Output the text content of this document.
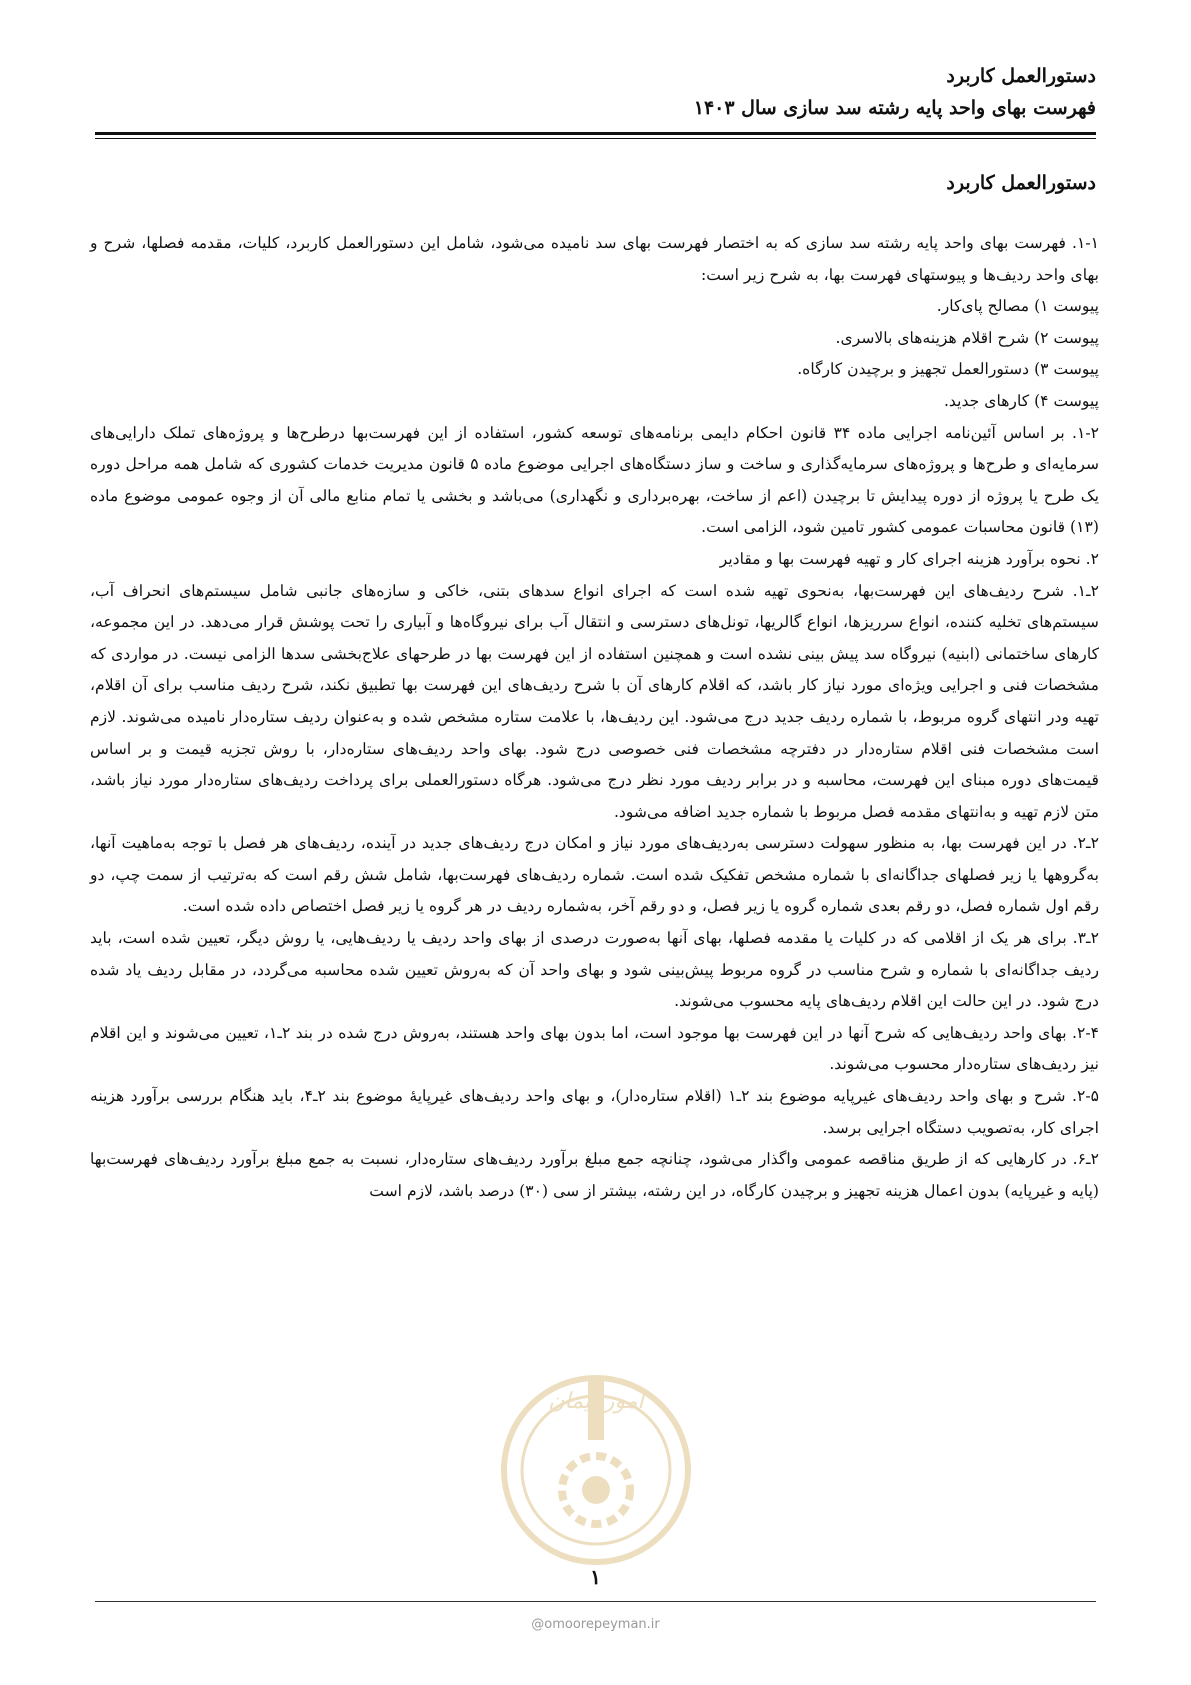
دستورالعمل کاربرد
فهرست بهای واحد پایه رشته سد سازی سال ۱۴۰۳
دستورالعمل کاربرد

۱-۱. فهرست بهای واحد پایه رشته سد سازی که به اختصار فهرست بهای سد نامیده می‌شود، شامل این دستورالعمل کاربرد، کلیات، مقدمه فصلها، شرح و بهای واحد ردیف‌ها و پیوستهای فهرست بها، به شرح زیر است:

پیوست ۱) مصالح پای‌کار.

پیوست ۲) شرح اقلام هزینه‌های بالاسری.

پیوست ۳) دستورالعمل تجهیز و برچیدن کارگاه.

پیوست ۴) کارهای جدید.

۱-۲. بر اساس آئین‌نامه اجرایی ماده ۳۴ قانون احکام دایمی برنامه‌های توسعه کشور، استفاده از این فهرست‌بها درطرح‌ها و پروژه‌های تملک دارایی‌های سرمایه‌ای و طرح‌ها و پروژه‌های سرمایه‌گذاری و ساخت و ساز دستگاه‌های اجرایی موضوع ماده ۵ قانون مدیریت خدمات کشوری که شامل همه مراحل دوره یک طرح یا پروژه از دوره پیدایش تا برچیدن (اعم از ساخت، بهره‌برداری و نگهداری) می‌باشد و بخشی یا تمام منابع مالی آن از وجوه عمومی موضوع ماده (۱۳) قانون محاسبات عمومی کشور تامین شود، الزامی است.

۲. نحوه برآورد هزینه اجرای کار و تهیه فهرست بها و مقادیر

۲ـ۱. شرح ردیف‌های این فهرست‌بها، به‌نحوی تهیه شده است که اجرای انواع سدهای بتنی، خاکی و سازه‌های جانبی شامل سیستم‌های انحراف آب، سیستم‌های تخلیه کننده، انواع سرریزها، انواع گالریها، تونل‌های دسترسی و انتقال آب برای نیروگاه‌ها و آبیاری را تحت پوشش قرار می‌دهد. در این مجموعه، کارهای ساختمانی (ابنیه) نیروگاه سد پیش بینی نشده است و همچنین استفاده از این فهرست بها در طرحهای علاج‌بخشی سدها الزامی نیست. در مواردی که مشخصات فنی و اجرایی ویژه‌ای مورد نیاز کار باشد، که اقلام کارهای آن با شرح ردیف‌های این فهرست بها تطبیق نکند، شرح ردیف مناسب برای آن اقلام، تهیه ودر انتهای گروه مربوط، با شماره ردیف جدید درج می‌شود. این ردیف‌ها، با علامت ستاره مشخص شده و به‌عنوان ردیف ستاره‌دار نامیده می‌شوند. لازم است مشخصات فنی اقلام ستاره‌دار در دفترچه مشخصات فنی خصوصی درج شود. بهای واحد ردیف‌های ستاره‌دار، با روش تجزیه قیمت و بر اساس قیمت‌های دوره مبنای این فهرست، محاسبه و در برابر ردیف مورد نظر درج می‌شود. هرگاه دستورالعملی برای پرداخت ردیف‌های ستاره‌دار مورد نیاز باشد، متن لازم تهیه و به‌انتهای مقدمه فصل مربوط با شماره جدید اضافه می‌شود.

۲ـ۲. در این فهرست بها، به منظور سهولت دسترسی به‌ردیف‌های مورد نیاز و امکان درج ردیف‌های جدید در آینده، ردیف‌های هر فصل با توجه به‌ماهیت آنها، به‌گروهها یا زیر فصلهای جداگانه‌ای با شماره مشخص تفکیک شده است. شماره ردیف‌های فهرست‌بها، شامل شش رقم است که به‌ترتیب از سمت چپ، دو رقم اول شماره فصل، دو رقم بعدی شماره گروه یا زیر فصل، و دو رقم آخر، به‌شماره ردیف در هر گروه یا زیر فصل اختصاص داده شده است.

۲ـ۳. برای هر یک از اقلامی که در کلیات یا مقدمه فصلها، بهای آنها به‌صورت درصدی از بهای واحد ردیف یا ردیف‌هایی، یا روش دیگر، تعیین شده است، باید ردیف جداگانه‌ای با شماره و شرح مناسب در گروه مربوط پیش‌بینی شود و بهای واحد آن که به‌روش تعیین شده محاسبه می‌گردد، در مقابل ردیف یاد شده درج شود. در این حالت این اقلام ردیف‌های پایه محسوب می‌شوند.

۲-۴. بهای واحد ردیف‌هایی که شرح آنها در این فهرست بها موجود است، اما بدون بهای واحد هستند، به‌روش درج شده در بند ۲ـ۱، تعیین می‌شوند و این اقلام نیز ردیف‌های ستاره‌دار محسوب می‌شوند.

۲-۵. شرح و بهای واحد ردیف‌های غیرپایه موضوع بند ۲ـ۱ (اقلام ستاره‌دار)، و بهای واحد ردیف‌های غیرپایۀ موضوع بند ۲ـ۴، باید هنگام بررسی برآورد هزینه اجرای کار، به‌تصویب دستگاه اجرایی برسد.

۲ـ۶. در کارهایی که از طریق مناقصه عمومی واگذار می‌شود، چنانچه جمع مبلغ برآورد ردیف‌های ستاره‌دار، نسبت به جمع مبلغ برآورد ردیف‌های فهرست‌بها (پایه و غیرپایه) بدون اعمال هزینه تجهیز و برچیدن کارگاه، در این رشته، بیشتر از سی (۳۰) درصد باشد، لازم است

امور پیمان
۱
@omoorepeyman.ir
